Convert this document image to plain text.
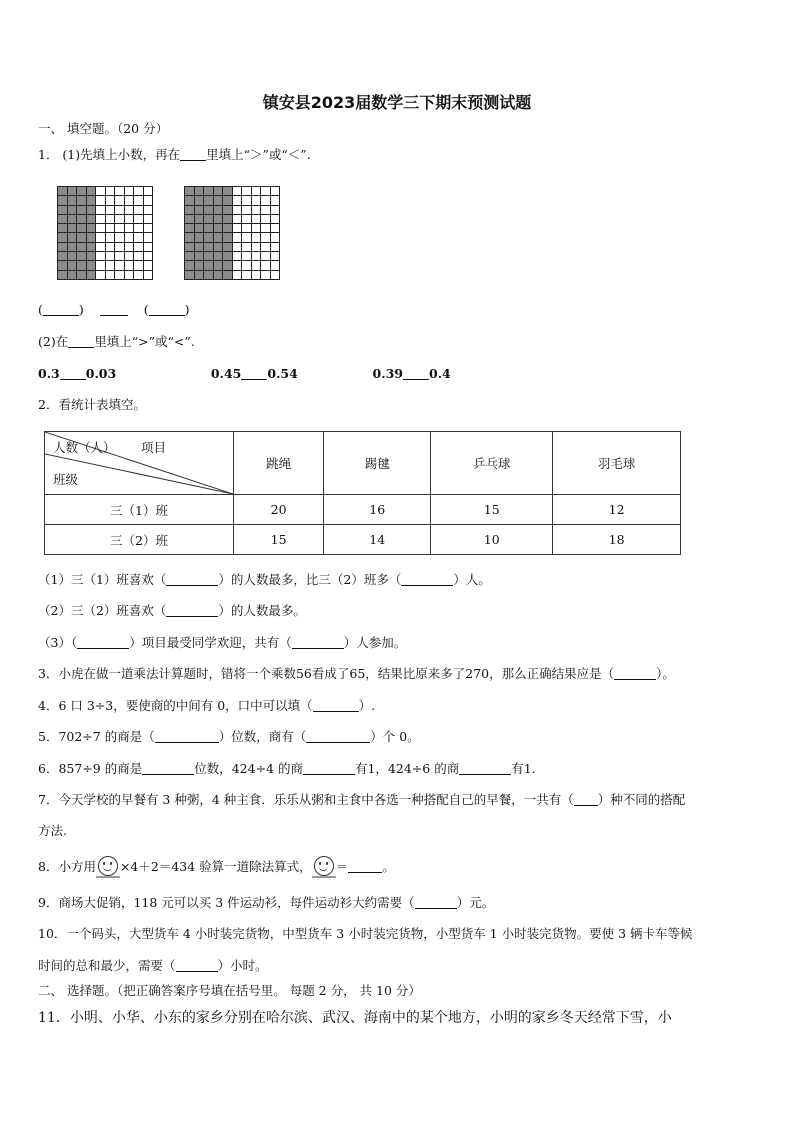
镇安县2023届数学三下期末预测试题
一、 填空题。（20 分）
1． (1)先填上小数，再在 里填上“＞”或“＜”.
(	)	(	)
(2)在 里填上“>”或“<”.
0.3 0.03	0.45 0.54	0.39 0.4
2．看统计表填空。
人数（人） 项目
班级	跳绳	踢毽	乒乓球	羽毛球
三（1）班	20	16	15	12
三（2）班	15	14	10	18
（1）三（1）班喜欢（	）的人数最多，比三（2）班多（	）人。
（2）三（2）班喜欢（	）的人数最多。
（3）（	）项目最受同学欢迎，共有（	）人参加。
3．小虎在做一道乘法计算题时，错将一个乘数56看成了65，结果比原来多了270，那么正确结果应是（	）。
4．6 口 3÷3，要使商的中间有 0，口中可以填（	）.
5．702÷7 的商是（	）位数，商有（	）个 0。
6．857÷9 的商是	位数，424÷4 的商	有1，424÷6 的商	有1.
7．今天学校的早餐有 3 种粥，4 种主食．乐乐从粥和主食中各选一种搭配自己的早餐，一共有（ ）种不同的搭配
方法.
8．小方用 ×4＋2＝434 验算一道除法算式， ＝	。
9．商场大促销，118 元可以买 3 件运动衫，每件运动衫大约需要（	）元。
10．一个码头，大型货车 4 小时装完货物，中型货车 3 小时装完货物，小型货车 1 小时装完货物。要使 3 辆卡车等候
时间的总和最少，需要（	）小时。
二、 选择题。（把正确答案序号填在括号里。 每题 2 分， 共 10 分）
11．小明、小华、小东的家乡分别在哈尔滨、武汉、海南中的某个地方，小明的家乡冬天经常下雪，小
